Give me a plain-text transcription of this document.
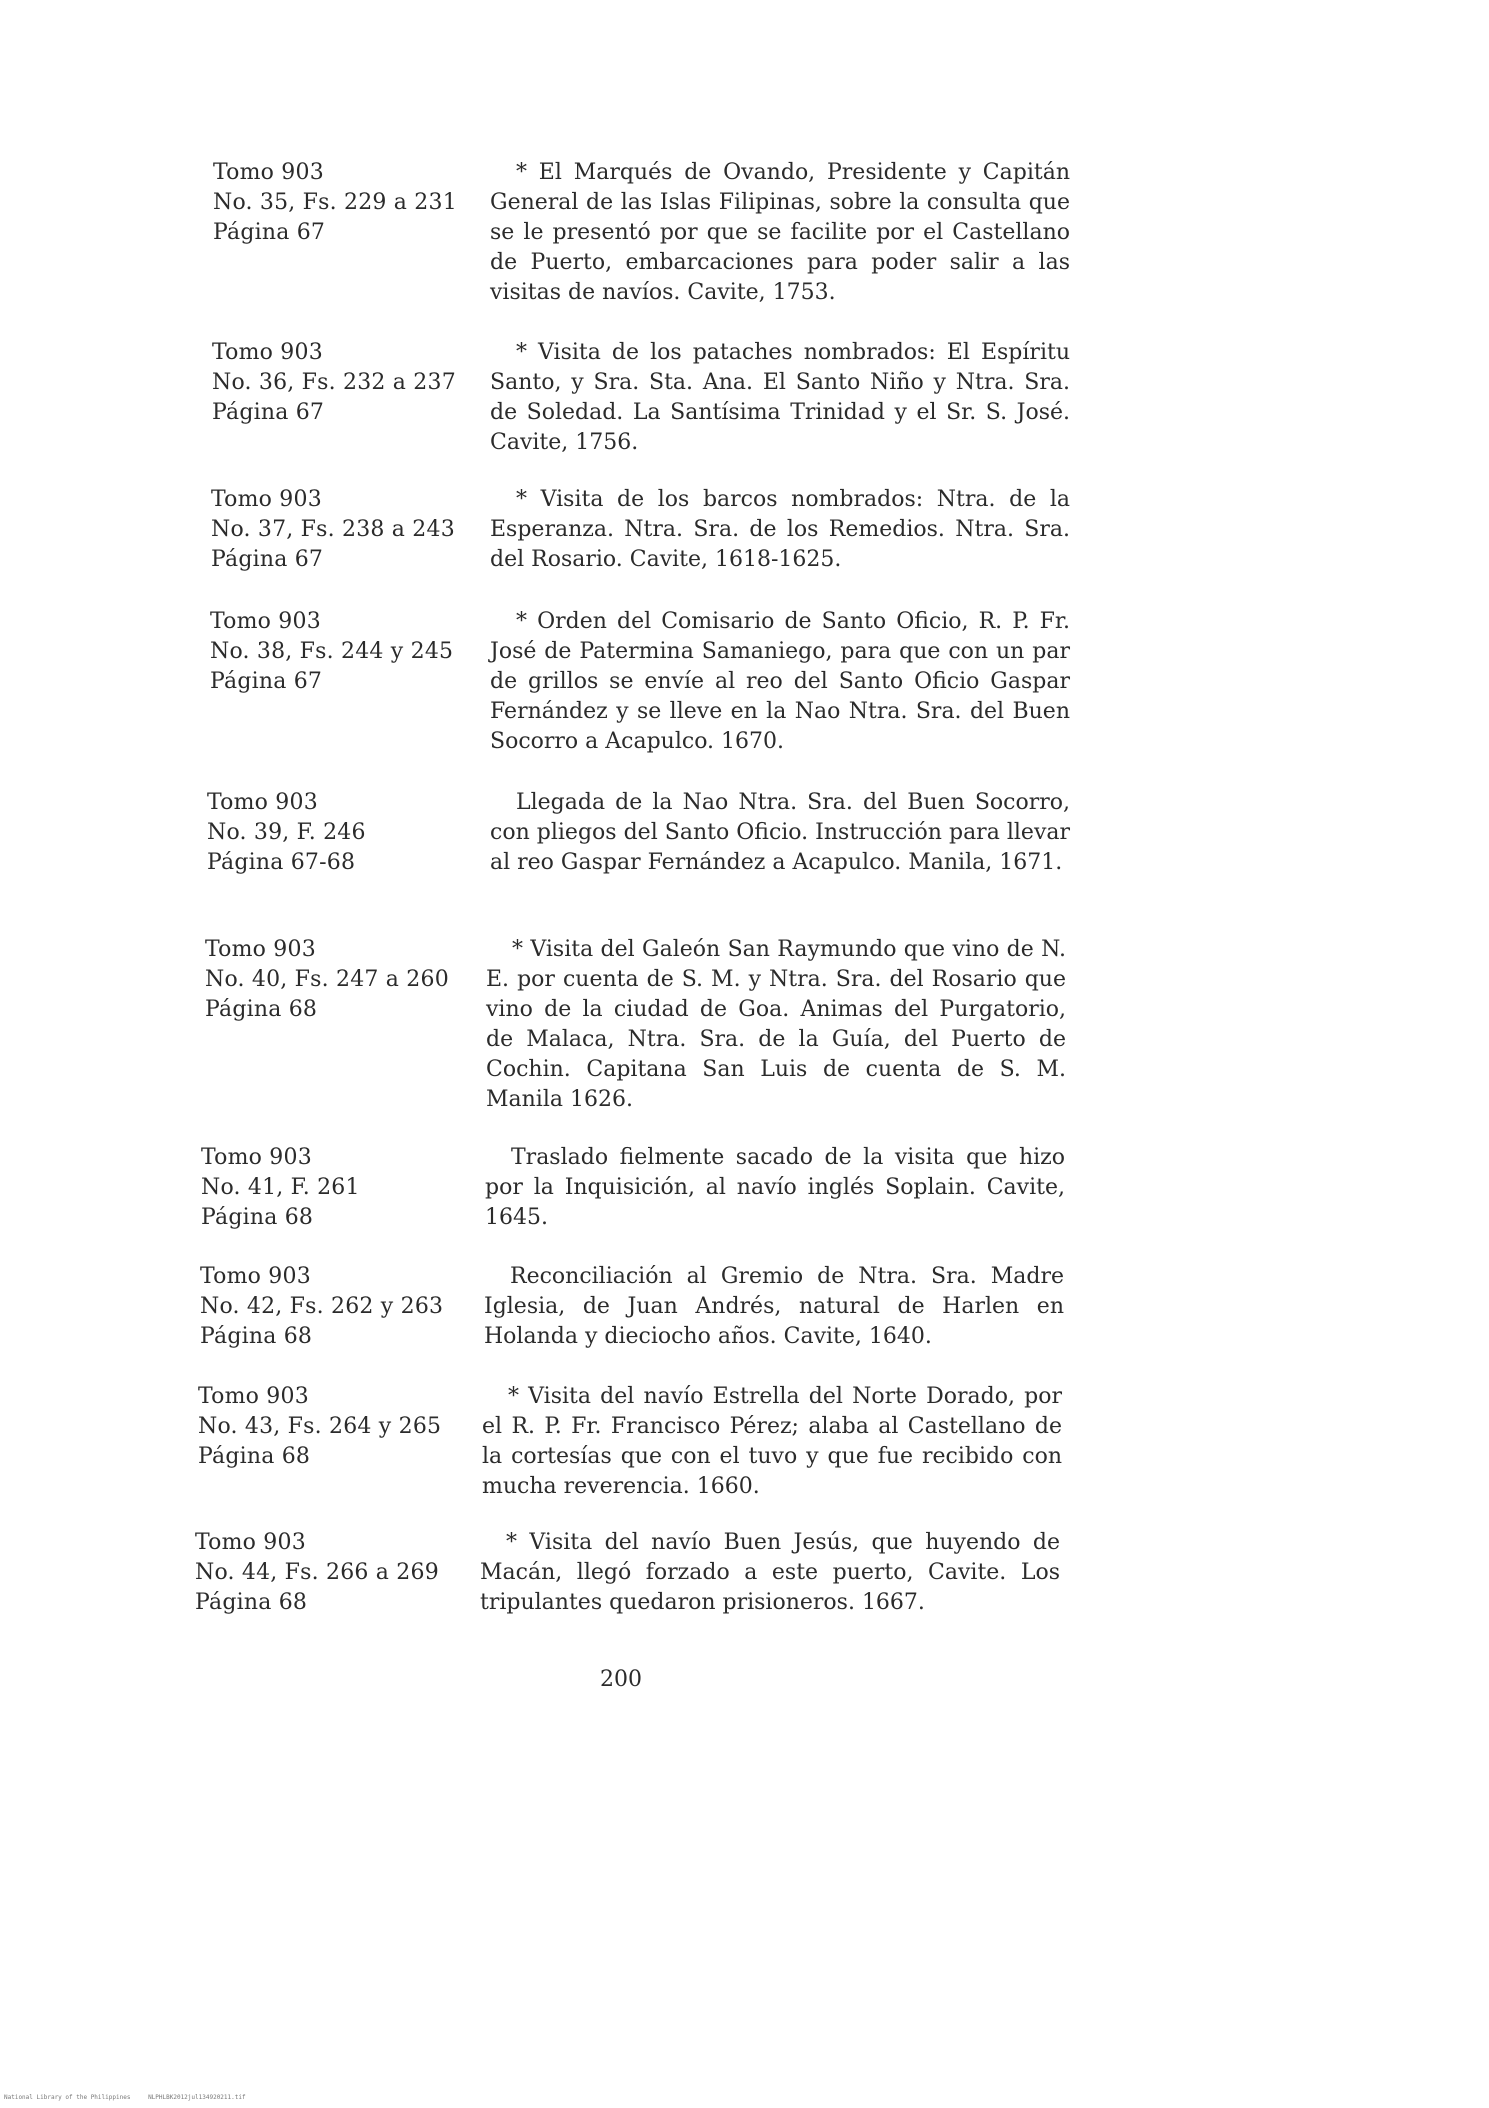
Tomo 903
No. 35, Fs. 229 a 231
Página 67
* El Marqués de Ovando, Presidente y Capitán General de las Islas Filipinas, sobre la consulta que se le presentó por que se facilite por el Castellano de Puerto, embarcaciones para poder salir a las visitas de navíos. Cavite, 1753.
Tomo 903
No. 36, Fs. 232 a 237
Página 67
* Visita de los pataches nombrados: El Espíritu Santo, y Sra. Sta. Ana. El Santo Niño y Ntra. Sra. de Soledad. La Santísima Trinidad y el Sr. S. José. Cavite, 1756.
Tomo 903
No. 37, Fs. 238 a 243
Página 67
* Visita de los barcos nombrados: Ntra. de la Esperanza. Ntra. Sra. de los Remedios. Ntra. Sra. del Rosario. Cavite, 1618-1625.
Tomo 903
No. 38, Fs. 244 y 245
Página 67
* Orden del Comisario de Santo Oficio, R. P. Fr. José de Patermina Samaniego, para que con un par de grillos se envíe al reo del Santo Oficio Gaspar Fernández y se lleve en la Nao Ntra. Sra. del Buen Socorro a Acapulco. 1670.
Tomo 903
No. 39, F. 246
Página 67-68
Llegada de la Nao Ntra. Sra. del Buen Socorro, con pliegos del Santo Oficio. Instrucción para llevar al reo Gaspar Fernández a Acapulco. Manila, 1671.
Tomo 903
No. 40, Fs. 247 a 260
Página 68
* Visita del Galeón San Raymundo que vino de N. E. por cuenta de S. M. y Ntra. Sra. del Rosario que vino de la ciudad de Goa. Animas del Purgatorio, de Malaca, Ntra. Sra. de la Guía, del Puerto de Cochin. Capitana San Luis de cuenta de S. M. Manila 1626.
Tomo 903
No. 41, F. 261
Página 68
Traslado fielmente sacado de la visita que hizo por la Inquisición, al navío inglés Soplain. Cavite, 1645.
Tomo 903
No. 42, Fs. 262 y 263
Página 68
Reconciliación al Gremio de Ntra. Sra. Madre Iglesia, de Juan Andrés, natural de Harlen en Holanda y dieciocho años. Cavite, 1640.
Tomo 903
No. 43, Fs. 264 y 265
Página 68
* Visita del navío Estrella del Norte Dorado, por el R. P. Fr. Francisco Pérez; alaba al Castellano de la cortesías que con el tuvo y que fue recibido con mucha reverencia. 1660.
Tomo 903
No. 44, Fs. 266 a 269
Página 68
* Visita del navío Buen Jesús, que huyendo de Macán, llegó forzado a este puerto, Cavite. Los tripulantes quedaron prisioneros. 1667.
200
National Library of the Philippines	NLPHLBK2012jul134920211.tif
